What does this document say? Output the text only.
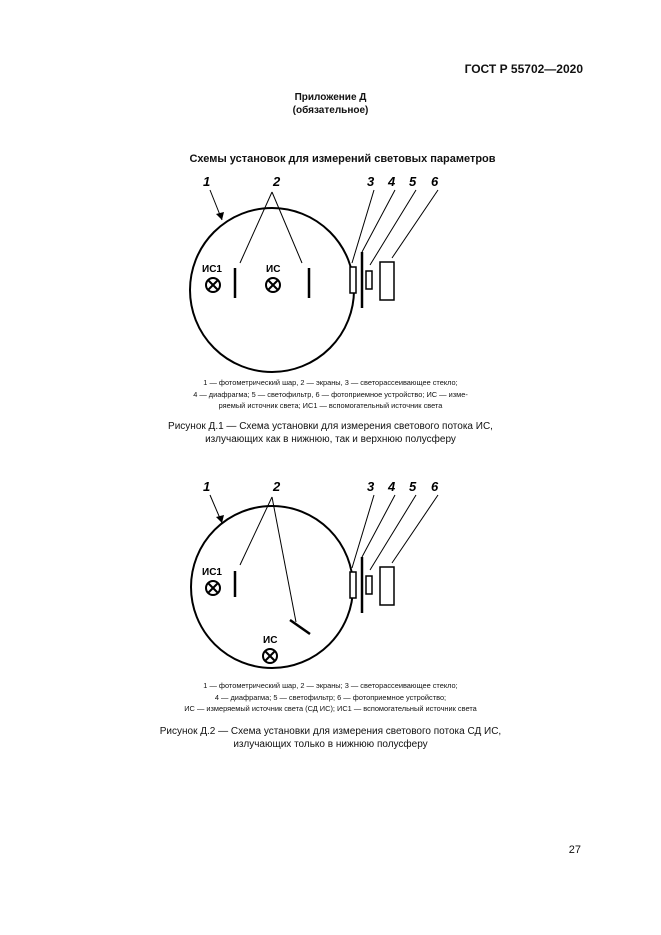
ГОСТ Р 55702—2020
Приложение Д
(обязательное)
Схемы установок для измерений световых параметров
1	2
ИС1	ИС
3 4 5 6
1 — фотометрический шар, 2 — экраны, 3 — светорассеивающее стекло;
4 — диафрагма; 5 — светофильтр, 6 — фотоприемное устройство; ИС — изме-
ряемый источник света; ИС1 — вспомогательный источник света
Рисунок Д.1 — Схема установки для измерения светового потока ИС,
излучающих как в нижнюю, так и верхнюю полусферу
1	2
ИС1
ИС
3 4 5 6
1 — фотометрический шар, 2 — экраны; 3 — светорассеивающее стекло;
4 — диафрагма; 5 — светофильтр; 6 — фотоприемное устройство;
ИС — измеряемый источник света (СД ИС); ИС1 — вспомогательный источник света
Рисунок Д.2 — Схема установки для измерения светового потока СД ИС,
излучающих только в нижнюю полусферу
27
